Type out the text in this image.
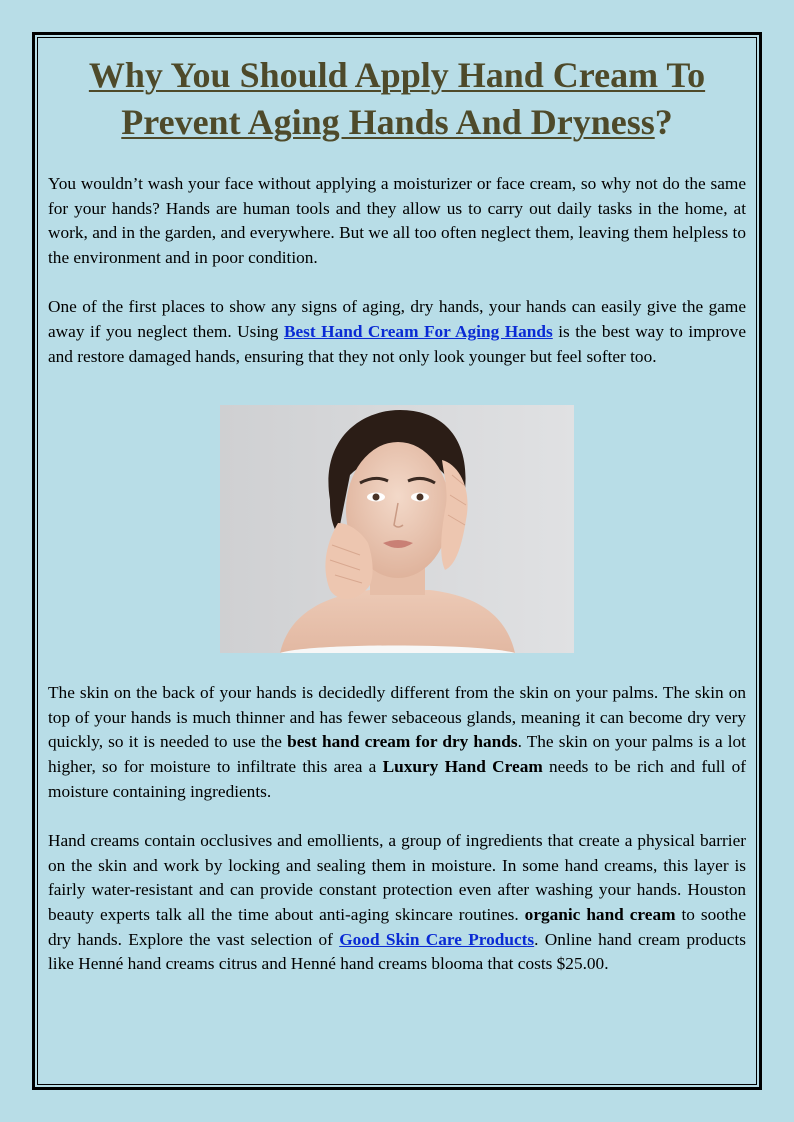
Why You Should Apply Hand Cream To
Prevent Aging Hands And Dryness?

You wouldn’t wash your face without applying a moisturizer or face cream, so why not do the same for your hands? Hands are human tools and they allow us to carry out daily tasks in the home, at work, and in the garden, and everywhere. But we all too often neglect them, leaving them helpless to the environment and in poor condition.

One of the first places to show any signs of aging, dry hands, your hands can easily give the game away if you neglect them. Using Best Hand Cream For Aging Hands is the best way to improve and restore damaged hands, ensuring that they not only look younger but feel softer too.

The skin on the back of your hands is decidedly different from the skin on your palms. The skin on top of your hands is much thinner and has fewer sebaceous glands, meaning it can become dry very quickly, so it is needed to use the best hand cream for dry hands. The skin on your palms is a lot higher, so for moisture to infiltrate this area a Luxury Hand Cream needs to be rich and full of moisture containing ingredients.

Hand creams contain occlusives and emollients, a group of ingredients that create a physical barrier on the skin and work by locking and sealing them in moisture. In some hand creams, this layer is fairly water-resistant and can provide constant protection even after washing your hands. Houston beauty experts talk all the time about anti-aging skincare routines. organic hand cream to soothe dry hands. Explore the vast selection of Good Skin Care Products. Online hand cream products like Henné hand creams citrus and Henné hand creams blooma that costs $25.00.
